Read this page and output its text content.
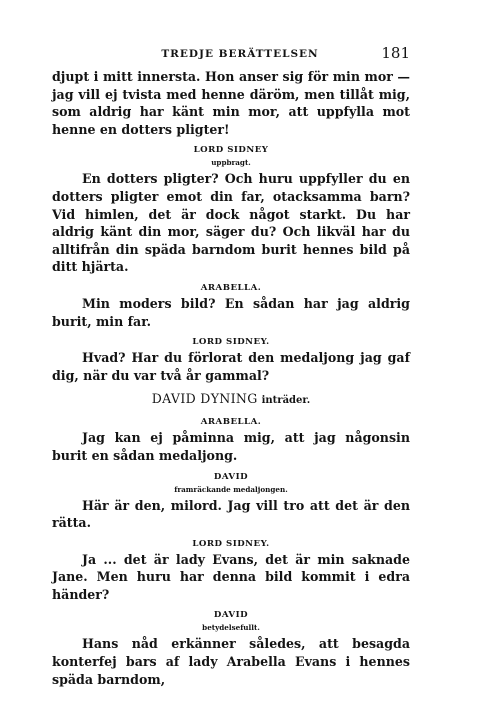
TREDJE BERÄTTELSEN	181

djupt i mitt innersta. Hon anser sig för min mor — jag vill ej tvista med henne däröm, men tillåt mig, som aldrig har känt min mor, att uppfylla mot henne en dotters pligter!

LORD SIDNEY
uppbragt.

En dotters pligter? Och huru uppfyller du en dotters pligter emot din far, otacksamma barn? Vid himlen, det är dock något starkt. Du har aldrig känt din mor, säger du? Och likväl har du alltifrån din späda barndom burit hennes bild på ditt hjärta.

ARABELLA.

Min moders bild? En sådan har jag aldrig burit, min far.

LORD SIDNEY.

Hvad? Har du förlorat den medaljong jag gaf dig, när du var två år gammal?

DAVID DYNING inträder.
ARABELLA.

Jag kan ej påminna mig, att jag någonsin burit en sådan medaljong.

DAVID
framräckande medaljongen.

Här är den, milord. Jag vill tro att det är den rätta.

LORD SIDNEY.

Ja ... det är lady Evans, det är min saknade Jane. Men huru har denna bild kommit i edra händer?

DAVID
betydelsefullt.

Hans nåd erkänner således, att besagda konterfej bars af lady Arabella Evans i hennes späda barndom,
